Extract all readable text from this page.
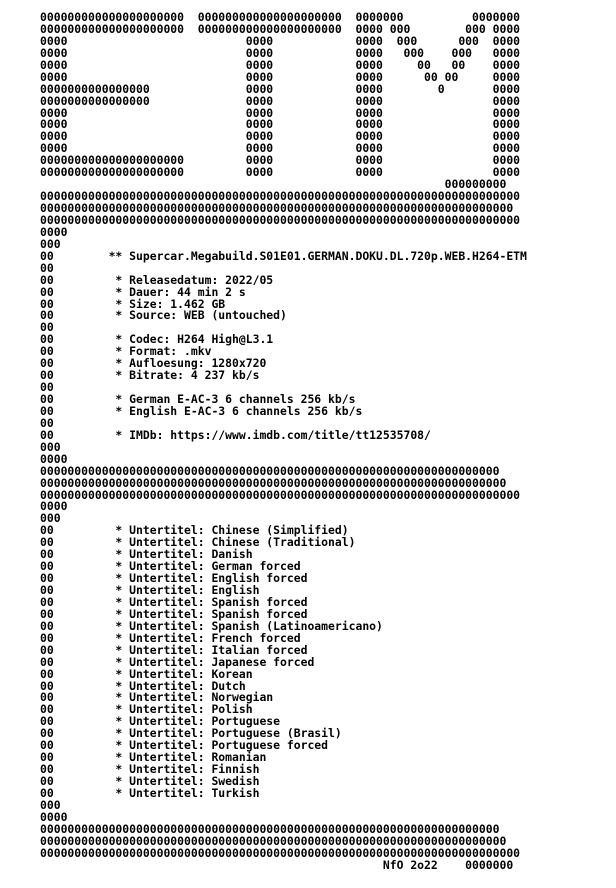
000000000000000000000  000000000000000000000  0000000          0000000
000000000000000000000  000000000000000000000  0000 000        000 0000
0000                          0000            0000  000      000  0000
0000                          0000            0000   000    000   0000
0000                          0000            0000     00   00    0000
0000                          0000            0000      00 00     0000
0000000000000000              0000            0000        0       0000
0000000000000000              0000            0000                0000
0000                          0000            0000                0000
0000                          0000            0000                0000
0000                          0000            0000                0000
0000                          0000            0000                0000
000000000000000000000         0000            0000                0000
000000000000000000000         0000            0000                0000
000000000
0000000000000000000000000000000000000000000000000000000000000000000000
000000000000000000000000000000000000000000000000000000000000000000000
0000000000000000000000000000000000000000000000000000000000000000000000
0000
000
00        ** Supercar.Megabuild.S01E01.GERMAN.DOKU.DL.720p.WEB.H264-ETM
00
00         * Releasedatum: 2022/05
00         * Dauer: 44 min 2 s
00         * Size: 1.462 GB
00         * Source: WEB (untouched)
00
00         * Codec: H264 High@L3.1
00         * Format: .mkv
00         * Aufloesung: 1280x720
00         * Bitrate: 4 237 kb/s
00
00         * German E-AC-3 6 channels 256 kb/s
00         * English E-AC-3 6 channels 256 kb/s
00
00         * IMDb: https://www.imdb.com/title/tt12535708/
000
0000
0000000000000000000000000000000000000000000000000000000000000000000
00000000000000000000000000000000000000000000000000000000000000000000
0000000000000000000000000000000000000000000000000000000000000000000000
0000
000
00         * Untertitel: Chinese (Simplified)
00         * Untertitel: Chinese (Traditional)
00         * Untertitel: Danish
00         * Untertitel: German forced
00         * Untertitel: English forced
00         * Untertitel: English
00         * Untertitel: Spanish forced
00         * Untertitel: Spanish forced
00         * Untertitel: Spanish (Latinoamericano)
00         * Untertitel: French forced
00         * Untertitel: Italian forced
00         * Untertitel: Japanese forced
00         * Untertitel: Korean
00         * Untertitel: Dutch
00         * Untertitel: Norwegian
00         * Untertitel: Polish
00         * Untertitel: Portuguese
00         * Untertitel: Portuguese (Brasil)
00         * Untertitel: Portuguese forced
00         * Untertitel: Romanian
00         * Untertitel: Finnish
00         * Untertitel: Swedish
00         * Untertitel: Turkish
000
0000
0000000000000000000000000000000000000000000000000000000000000000000
00000000000000000000000000000000000000000000000000000000000000000000
0000000000000000000000000000000000000000000000000000000000000000000000
NfO 2o22    0000000
